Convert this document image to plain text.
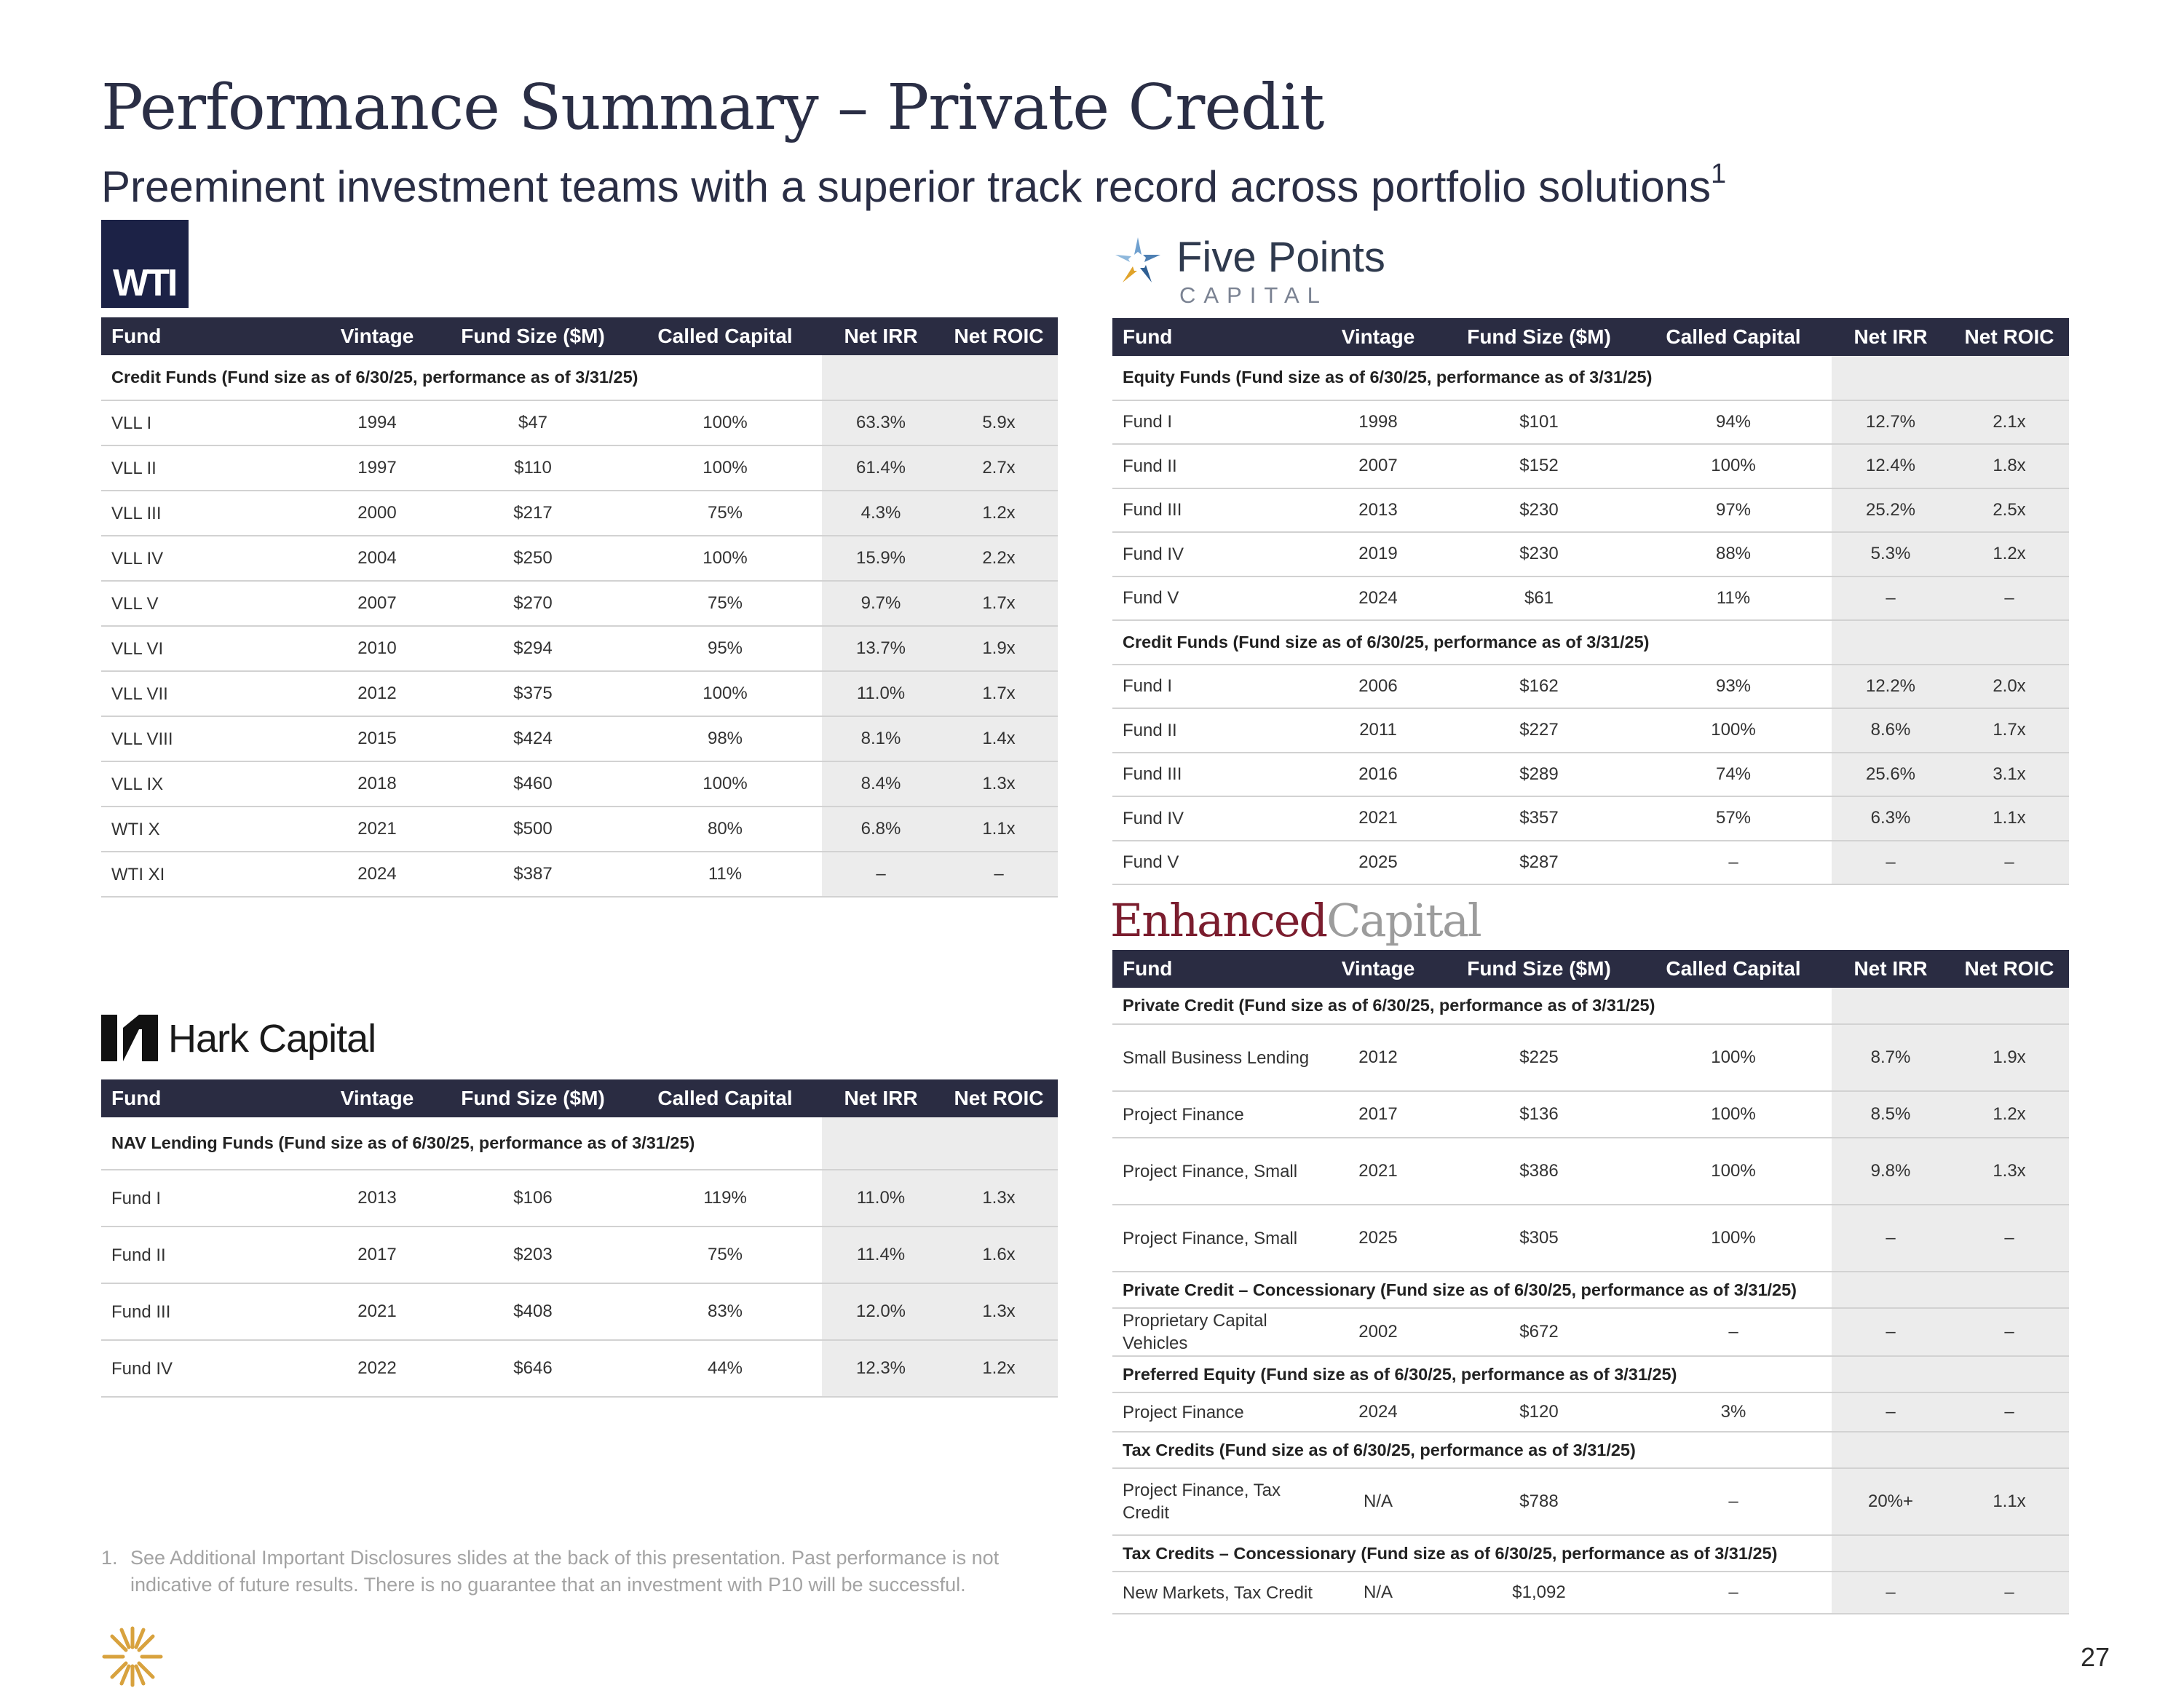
Performance Summary – Private Credit
Preeminent investment teams with a superior track record across portfolio solutions$^1$
WTI
Fund	Vintage	Fund Size ($M)	Called Capital	Net IRR	Net ROIC
Credit Funds (Fund size as of 6/30/25, performance as of 3/31/25)					
VLL I	1994	$47	100%	63.3%	5.9x
VLL II	1997	$110	100%	61.4%	2.7x
VLL III	2000	$217	75%	4.3%	1.2x
VLL IV	2004	$250	100%	15.9%	2.2x
VLL V	2007	$270	75%	9.7%	1.7x
VLL VI	2010	$294	95%	13.7%	1.9x
VLL VII	2012	$375	100%	11.0%	1.7x
VLL VIII	2015	$424	98%	8.1%	1.4x
VLL IX	2018	$460	100%	8.4%	1.3x
WTI X	2021	$500	80%	6.8%	1.1x
WTI XI	2024	$387	11%	–	–
Hark Capital
Fund	Vintage	Fund Size ($M)	Called Capital	Net IRR	Net ROIC
NAV Lending Funds (Fund size as of 6/30/25, performance as of 3/31/25)					
Fund I	2013	$106	119%	11.0%	1.3x
Fund II	2017	$203	75%	11.4%	1.6x
Fund III	2021	$408	83%	12.0%	1.3x
Fund IV	2022	$646	44%	12.3%	1.2x
Five Points
CAPITAL
Fund	Vintage	Fund Size ($M)	Called Capital	Net IRR	Net ROIC
Equity Funds (Fund size as of 6/30/25, performance as of 3/31/25)					
Fund I	1998	$101	94%	12.7%	2.1x
Fund II	2007	$152	100%	12.4%	1.8x
Fund III	2013	$230	97%	25.2%	2.5x
Fund IV	2019	$230	88%	5.3%	1.2x
Fund V	2024	$61	11%	–	–
Credit Funds (Fund size as of 6/30/25, performance as of 3/31/25)					
Fund I	2006	$162	93%	12.2%	2.0x
Fund II	2011	$227	100%	8.6%	1.7x
Fund III	2016	$289	74%	25.6%	3.1x
Fund IV	2021	$357	57%	6.3%	1.1x
Fund V	2025	$287	–	–	–
EnhancedCapital
Fund	Vintage	Fund Size ($M)	Called Capital	Net IRR	Net ROIC
Private Credit (Fund size as of 6/30/25, performance as of 3/31/25)					
Small Business Lending	2012	$225	100%	8.7%	1.9x
Project Finance	2017	$136	100%	8.5%	1.2x
Project Finance, Small	2021	$386	100%	9.8%	1.3x
Project Finance, Small	2025	$305	100%	–	–
Private Credit – Concessionary (Fund size as of 6/30/25, performance as of 3/31/25)					
Proprietary Capital Vehicles	2002	$672	–	–	–
Preferred Equity (Fund size as of 6/30/25, performance as of 3/31/25)					
Project Finance	2024	$120	3%	–	–
Tax Credits (Fund size as of 6/30/25, performance as of 3/31/25)					
Project Finance, Tax Credit	N/A	$788	–	20%+	1.1x
Tax Credits – Concessionary (Fund size as of 6/30/25, performance as of 3/31/25)					
New Markets, Tax Credit	N/A	$1,092	–	–	–
1. See Additional Important Disclosures slides at the back of this presentation. Past performance is not indicative of future results. There is no guarantee that an investment with P10 will be successful.
27
